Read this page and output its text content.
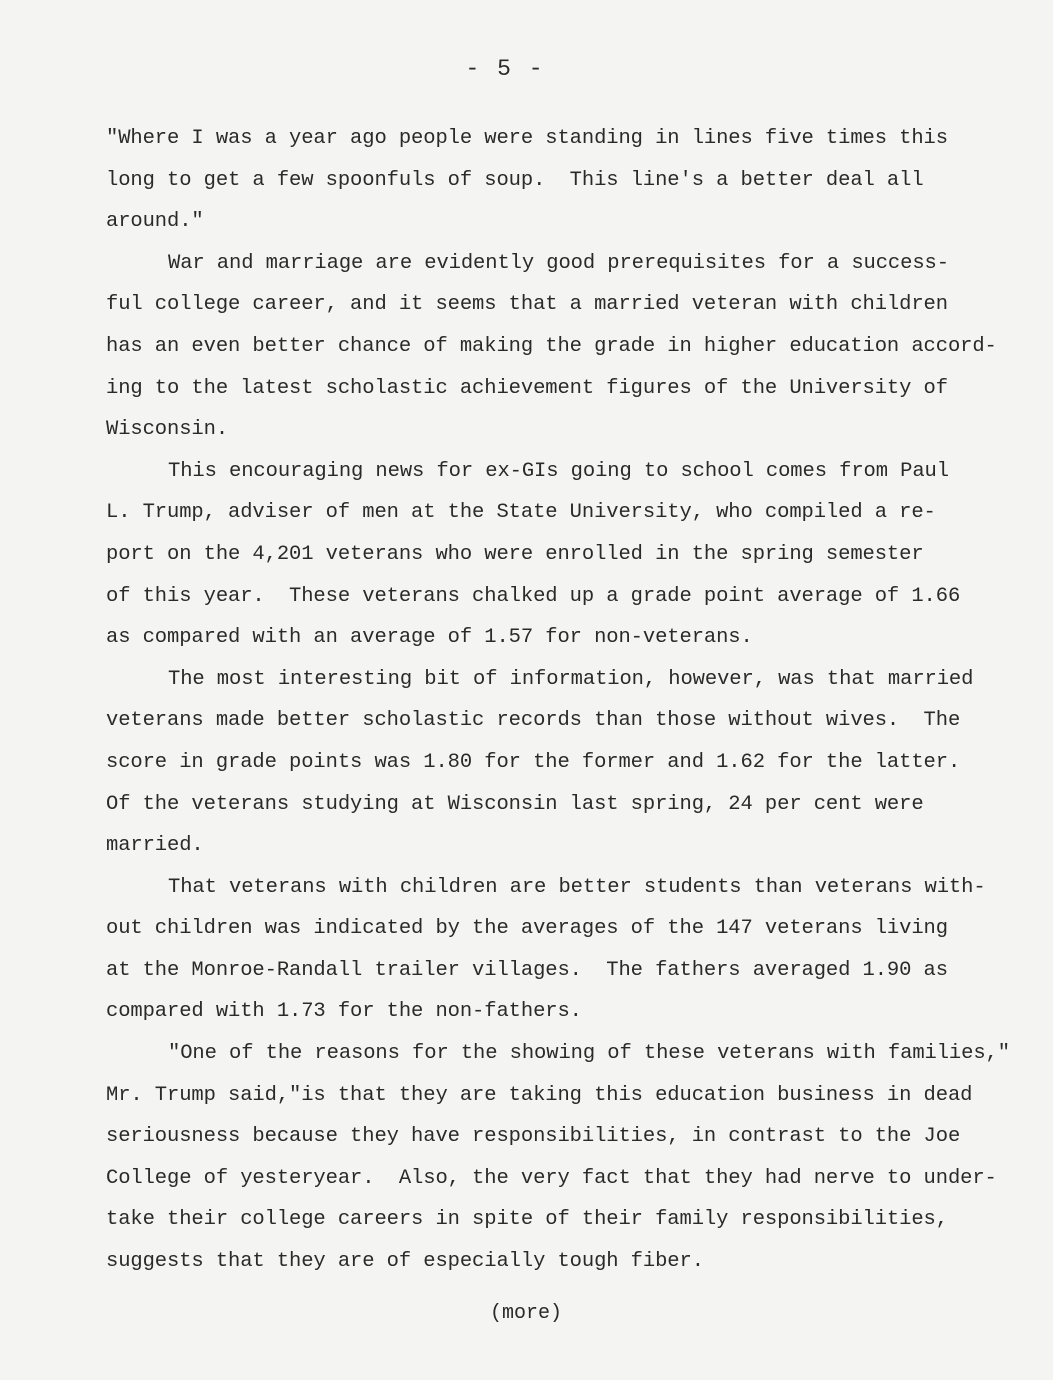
- 5 -
"Where I was a year ago people were standing in lines five times this
long to get a few spoonfuls of soup.  This line's a better deal all
around."
War and marriage are evidently good prerequisites for a success-
ful college career, and it seems that a married veteran with children
has an even better chance of making the grade in higher education accord-
ing to the latest scholastic achievement figures of the University of
Wisconsin.
This encouraging news for ex-GIs going to school comes from Paul
L. Trump, adviser of men at the State University, who compiled a re-
port on the 4,201 veterans who were enrolled in the spring semester
of this year.  These veterans chalked up a grade point average of 1.66
as compared with an average of 1.57 for non-veterans.
The most interesting bit of information, however, was that married
veterans made better scholastic records than those without wives.  The
score in grade points was 1.80 for the former and 1.62 for the latter.
Of the veterans studying at Wisconsin last spring, 24 per cent were
married.
That veterans with children are better students than veterans with-
out children was indicated by the averages of the 147 veterans living
at the Monroe-Randall trailer villages.  The fathers averaged 1.90 as
compared with 1.73 for the non-fathers.
"One of the reasons for the showing of these veterans with families,"
Mr. Trump said,"is that they are taking this education business in dead
seriousness because they have responsibilities, in contrast to the Joe
College of yesteryear.  Also, the very fact that they had nerve to under-
take their college careers in spite of their family responsibilities,
suggests that they are of especially tough fiber.
(more)
